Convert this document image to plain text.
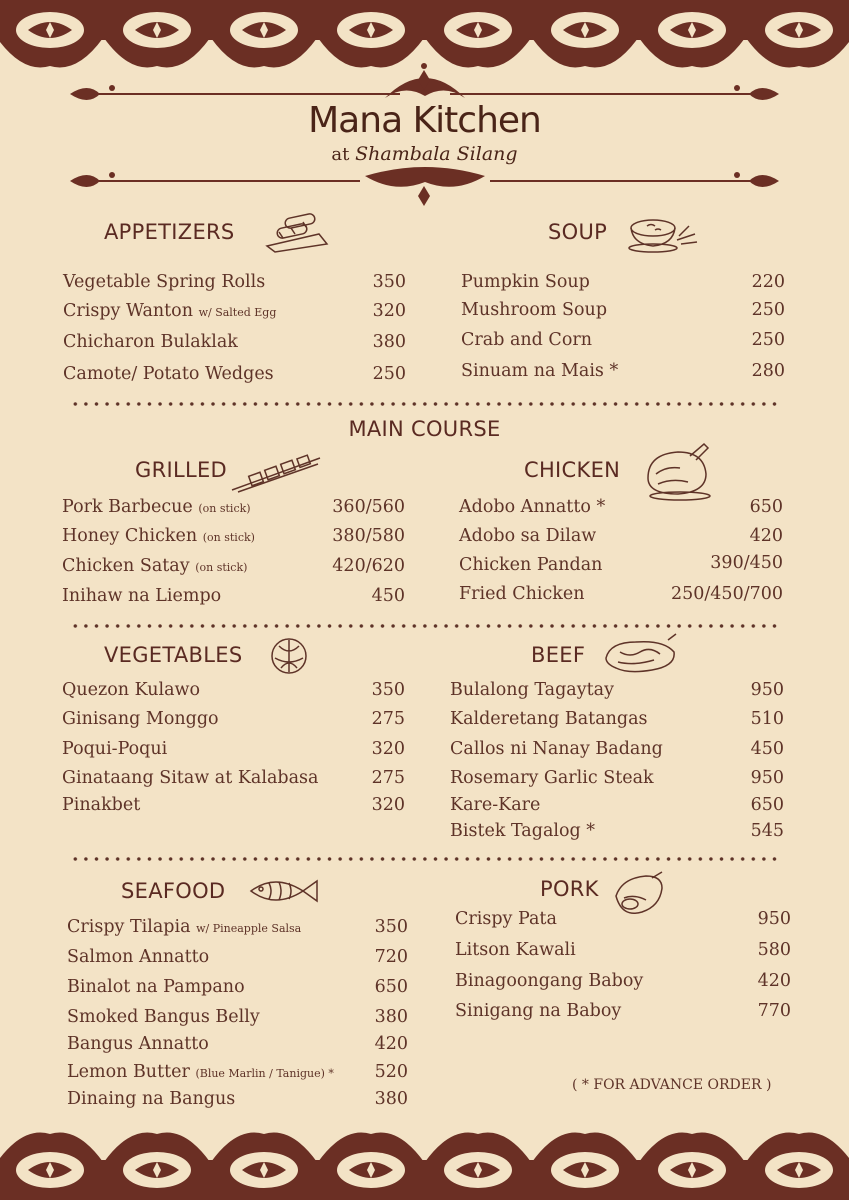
Mana Kitchen
at Shambala Silang
APPETIZERS
Vegetable Spring Rolls	350
Crispy Wanton w/ Salted Egg	320
Chicharon Bulaklak	380
Camote/ Potato Wedges	250
SOUP
Pumpkin Soup	220
Mushroom Soup	250
Crab and Corn	250
Sinuam na Mais *	280
MAIN COURSE
GRILLED
Pork Barbecue (on stick)	360/560
Honey Chicken (on stick)	380/580
Chicken Satay (on stick)	420/620
Inihaw na Liempo	450
CHICKEN
Adobo Annatto *	650
Adobo sa Dilaw	420
Chicken Pandan	390/450
Fried Chicken	250/450/700
VEGETABLES
Quezon Kulawo	350
Ginisang Monggo	275
Poqui-Poqui	320
Ginataang Sitaw at Kalabasa	275
Pinakbet	320
BEEF
Bulalong Tagaytay	950
Kalderetang Batangas	510
Callos ni Nanay Badang	450
Rosemary Garlic Steak	950
Kare-Kare	650
Bistek Tagalog *	545
SEAFOOD
Crispy Tilapia w/ Pineapple Salsa	350
Salmon Annatto	720
Binalot na Pampano	650
Smoked Bangus Belly	380
Bangus Annatto	420
Lemon Butter (Blue Marlin / Tanigue) * 520
Dinaing na Bangus	380
PORK
Crispy Pata	950
Litson Kawali	580
Binagoongang Baboy	420
Sinigang na Baboy	770
( * FOR ADVANCE ORDER )
